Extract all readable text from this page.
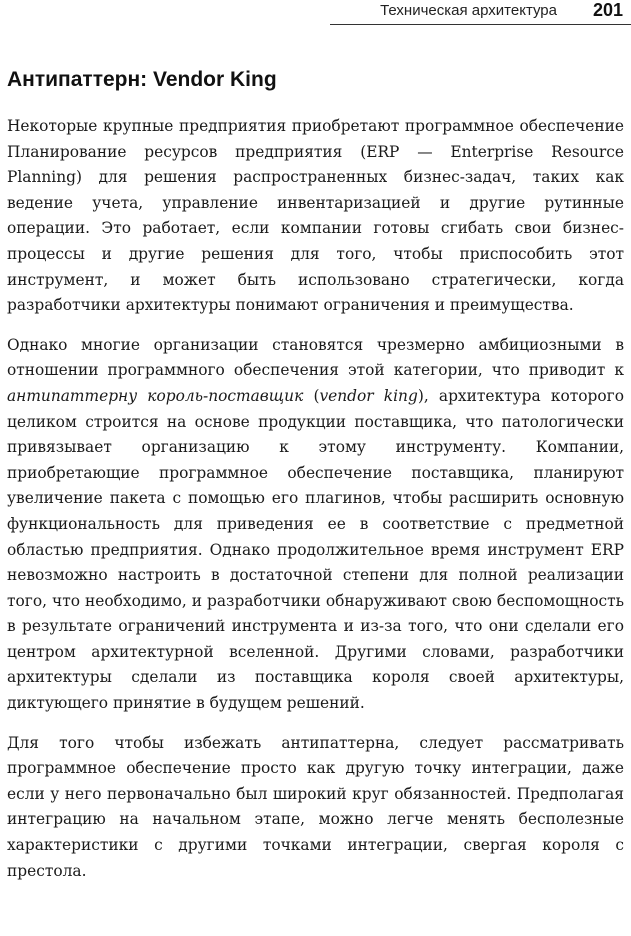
Техническая архитектура 201
Антипаттерн: Vendor King

Некоторые крупные предприятия приобретают программное обеспечение Планирование ресурсов предприятия (ERP — Enterprise Resource Planning) для решения распространенных бизнес-задач, таких как ведение учета, управление инвентаризацией и другие рутинные операции. Это работает, если компании готовы сгибать свои бизнес-процессы и другие решения для того, чтобы приспособить этот инструмент, и может быть использовано стратегически, когда разработчики архитектуры понимают ограничения и преимущества.

Однако многие организации становятся чрезмерно амбициозными в отношении программного обеспечения этой категории, что приводит к антипаттерну король-поставщик (vendor king), архитектура которого целиком строится на основе продукции поставщика, что патологически привязывает организацию к этому инструменту. Компании, приобретающие программное обеспечение поставщика, планируют увеличение пакета с помощью его плагинов, чтобы расширить основную функциональность для приведения ее в соответствие с предметной областью предприятия. Однако продолжительное время инструмент ERP невозможно настроить в достаточной степени для полной реализации того, что необходимо, и разработчики обнаруживают свою беспомощность в результате ограничений инструмента и из-за того, что они сделали его центром архитектурной вселенной. Другими словами, разработчики архитектуры сделали из поставщика короля своей архитектуры, диктующего принятие в будущем решений.

Для того чтобы избежать антипаттерна, следует рассматривать программное обеспечение просто как другую точку интеграции, даже если у него первоначально был широкий круг обязанностей. Предполагая интеграцию на начальном этапе, можно легче менять бесполезные характеристики с другими точками интеграции, свергая короля с престола.
